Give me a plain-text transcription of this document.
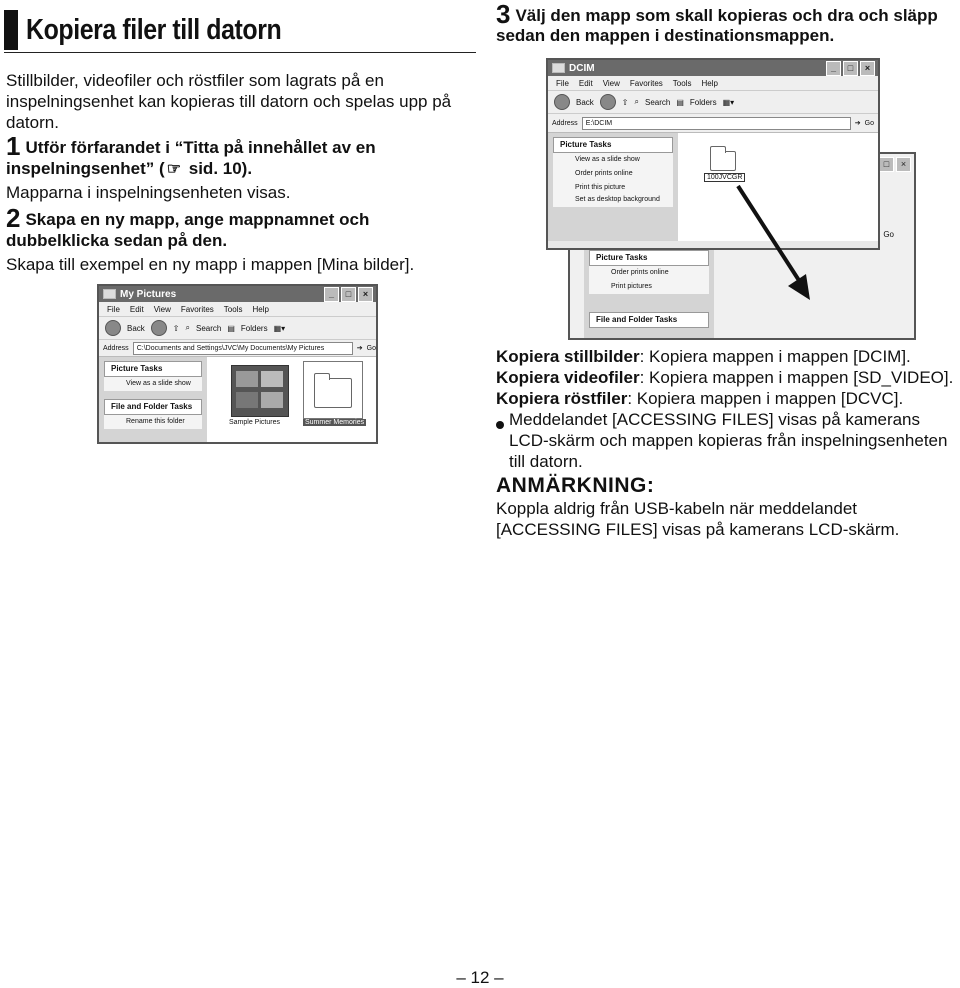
Kopiera filer till datorn
Stillbilder, videofiler och röstfiler som lagrats på en inspelningsenhet kan kopieras till datorn och spelas upp på datorn.
1 Utför förfarandet i “Titta på innehållet av en inspelningsenhet” ( ☞ sid. 10).
Mapparna i inspelningsenheten visas.
2 Skapa en ny mapp, ange mappnamnet och dubbelklicka sedan på den.
Skapa till exempel en ny mapp i mappen [Mina bilder].
My Pictures	_	□	×
File Edit View Favorites Tools Help
Back	⇧ ⌕ Search ▤ Folders ▦▾
Address	C:\Documents and Settings\JVC\My Documents\My Pictures	➔ Go
Picture Tasks
View as a slide show
File and Folder Tasks
Rename this folder	Sample Pictures	Summer Memories
3 Välj den mapp som skall kopieras och dra och släpp sedan den mappen i destinationsmappen.
□	×
Go
Picture Tasks
Order prints online
Print pictures
File and Folder Tasks
DCIM	_	□	×
File Edit View Favorites Tools Help
Back	⇧ ⌕ Search ▤ Folders ▦▾
Address	E:\DCIM	➔ Go
Picture Tasks
View as a slide show
Order prints online
Print this picture
Set as desktop background
100JVCGR
Kopiera stillbilder: Kopiera mappen i mappen [DCIM].
Kopiera videofiler: Kopiera mappen i mappen [SD_VIDEO].
Kopiera röstfiler: Kopiera mappen i mappen [DCVC].
Meddelandet [ACCESSING FILES] visas på kamerans LCD-skärm och mappen kopieras från inspelningsenheten till datorn.
ANMÄRKNING:
Koppla aldrig från USB-kabeln när meddelandet [ACCESSING FILES] visas på kamerans LCD-skärm.
– 12 –
